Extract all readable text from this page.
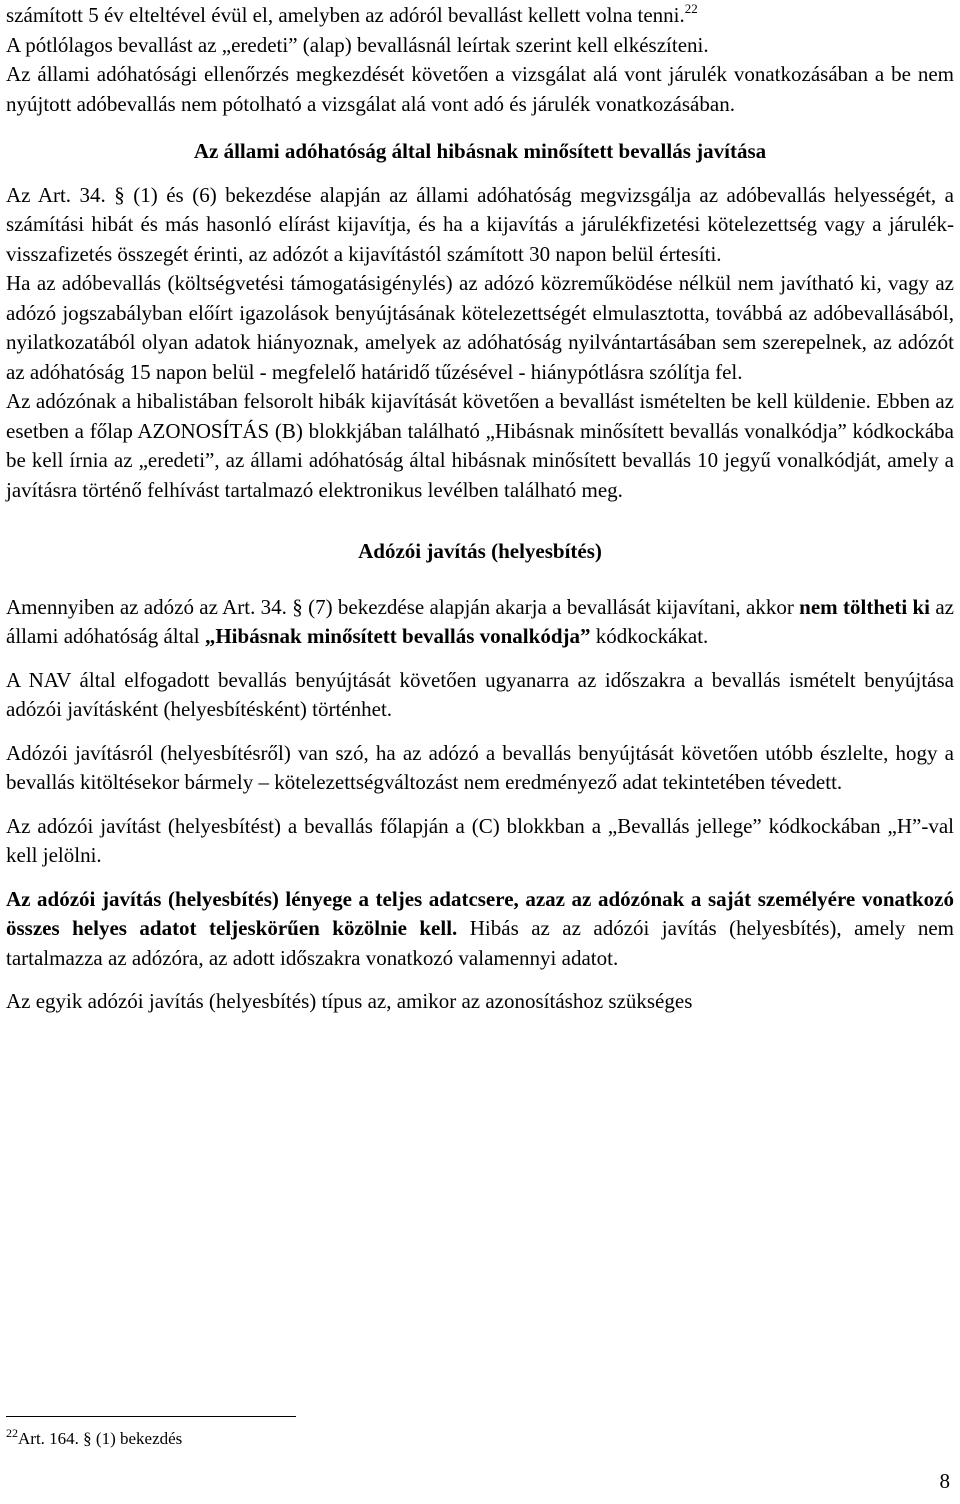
számított 5 év elteltével évül el, amelyben az adóról bevallást kellett volna tenni.$^{22}$

A pótlólagos bevallást az „eredeti” (alap) bevallásnál leírtak szerint kell elkészíteni.

Az állami adóhatósági ellenőrzés megkezdését követően a vizsgálat alá vont járulék vonatkozásában a be nem nyújtott adóbevallás nem pótolható a vizsgálat alá vont adó és járulék vonatkozásában.

Az állami adóhatóság által hibásnak minősített bevallás javítása

Az Art. 34. § (1) és (6) bekezdése alapján az állami adóhatóság megvizsgálja az adóbevallás helyességét, a számítási hibát és más hasonló elírást kijavítja, és ha a kijavítás a járulékfizetési kötelezettség vagy a járulék-visszafizetés összegét érinti, az adózót a kijavítástól számított 30 napon belül értesíti.

Ha az adóbevallás (költségvetési támogatásigénylés) az adózó közreműködése nélkül nem javítható ki, vagy az adózó jogszabályban előírt igazolások benyújtásának kötelezettségét elmulasztotta, továbbá az adóbevallásából, nyilatkozatából olyan adatok hiányoznak, amelyek az adóhatóság nyilvántartásában sem szerepelnek, az adózót az adóhatóság 15 napon belül - megfelelő határidő tűzésével - hiánypótlásra szólítja fel.

Az adózónak a hibalistában felsorolt hibák kijavítását követően a bevallást ismételten be kell küldenie. Ebben az esetben a főlap AZONOSÍTÁS (B) blokkjában található „Hibásnak minősített bevallás vonalkódja” kódkockába be kell írnia az „eredeti”, az állami adóhatóság által hibásnak minősített bevallás 10 jegyű vonalkódját, amely a javításra történő felhívást tartalmazó elektronikus levélben található meg.

Adózói javítás (helyesbítés)

Amennyiben az adózó az Art. 34. § (7) bekezdése alapján akarja a bevallását kijavítani, akkor nem töltheti ki az állami adóhatóság által „Hibásnak minősített bevallás vonalkódja” kódkockákat.

A NAV által elfogadott bevallás benyújtását követően ugyanarra az időszakra a bevallás ismételt benyújtása adózói javításként (helyesbítésként) történhet.

Adózói javításról (helyesbítésről) van szó, ha az adózó a bevallás benyújtását követően utóbb észlelte, hogy a bevallás kitöltésekor bármely – kötelezettségváltozást nem eredményező adat tekintetében tévedett.

Az adózói javítást (helyesbítést) a bevallás főlapján a (C) blokkban a „Bevallás jellege” kódkockában „H”-val kell jelölni.

Az adózói javítás (helyesbítés) lényege a teljes adatcsere, azaz az adózónak a saját személyére vonatkozó összes helyes adatot teljeskörűen közölnie kell. Hibás az az adózói javítás (helyesbítés), amely nem tartalmazza az adózóra, az adott időszakra vonatkozó valamennyi adatot.

Az egyik adózói javítás (helyesbítés) típus az, amikor az azonosításhoz szükséges

$^{22}$Art. 164. § (1) bekezdés
8
